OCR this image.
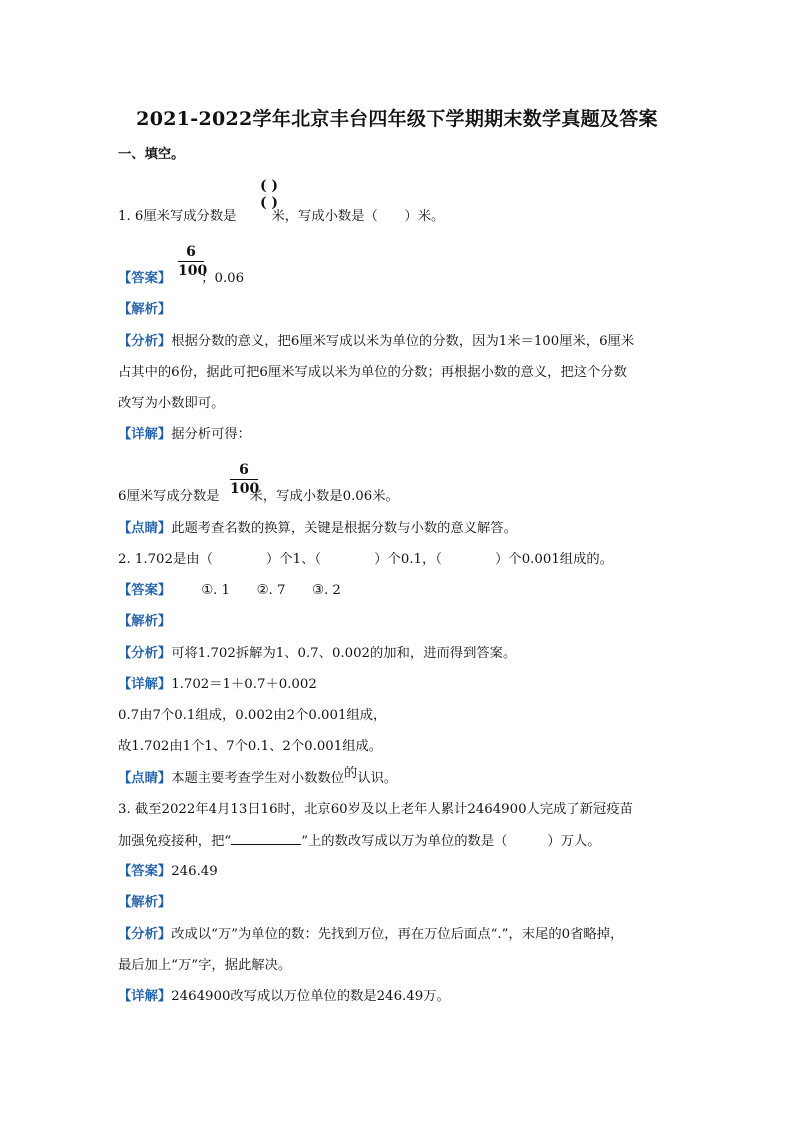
2021-2022学年北京丰台四年级下学期期末数学真题及答案
一、填空。
( )
( )
1. 6厘米写成分数是	米，写成小数是（　　）米。
6
100
【答案】 ；0.06
【解析】
【分析】根据分数的意义，把6厘米写成以米为单位的分数，因为1米＝100厘米，6厘米
占其中的6份，据此可把6厘米写成以米为单位的分数；再根据小数的意义，把这个分数
改写为小数即可。
【详解】据分析可得：
6
100
6厘米写成分数是 米，写成小数是0.06米。
【点睛】此题考查名数的换算，关键是根据分数与小数的意义解答。
2. 1.702是由（　　　　）个1、（　　　　）个0.1，（　　　　）个0.001组成的。
【答案】 ①. 1　　②. 7　　③. 2
【解析】
【分析】可将1.702拆解为1、0.7、0.002的加和，进而得到答案。
【详解】1.702＝1＋0.7＋0.002
0.7由7个0.1组成，0.002由2个0.001组成，
故1.702由1个1、7个0.1、2个0.001组成。
【点睛】本题主要考查学生对小数数位的认识。
3. 截至2022年4月13日16时，北京60岁及以上老年人累计2464900人完成了新冠疫苗
加强免疫接种，把“	”上的数改写成以万为单位的数是（　　　）万人。
【答案】246.49
【解析】
【分析】改成以“万”为单位的数：先找到万位，再在万位后面点“.”，末尾的0省略掉，
最后加上“万”字，据此解决。
【详解】2464900改写成以万位单位的数是246.49万。
